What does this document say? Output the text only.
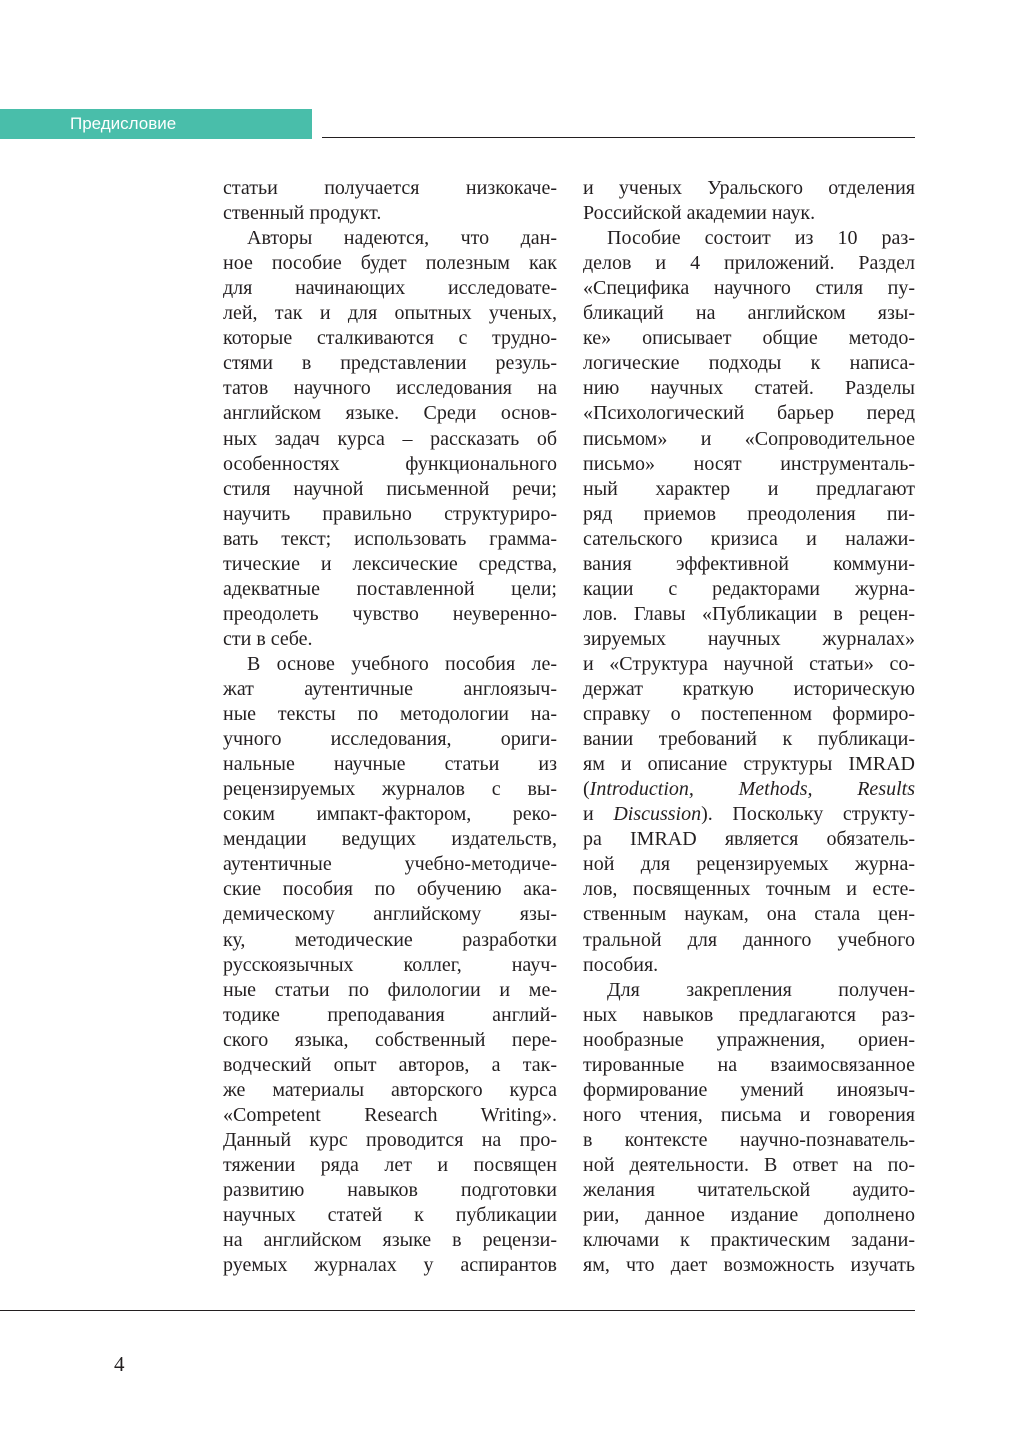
Предисловие
статьи получается низкокаче-
ственный продукт.
Авторы надеются, что дан-
ное пособие будет полезным как
для начинающих исследовате-
лей, так и для опытных ученых,
которые сталкиваются с трудно-
стями в представлении резуль-
татов научного исследования на
английском языке. Среди основ-
ных задач курса – рассказать об
особенностях функционального
стиля научной письменной речи;
научить правильно структуриро-
вать текст; использовать грамма-
тические и лексические средства,
адекватные поставленной цели;
преодолеть чувство неуверенно-
сти в себе.
В основе учебного пособия ле-
жат аутентичные англоязыч-
ные тексты по методологии на-
учного исследования, ориги-
нальные научные статьи из
рецензируемых журналов с вы-
соким импакт-фактором, реко-
мендации ведущих издательств,
аутентичные учебно-методиче-
ские пособия по обучению ака-
демическому английскому язы-
ку, методические разработки
русскоязычных коллег, науч-
ные статьи по филологии и ме-
тодике преподавания англий-
ского языка, собственный пере-
водческий опыт авторов, а так-
же материалы авторского курса
«Competent Research Writing».
Данный курс проводится на про-
тяжении ряда лет и посвящен
развитию навыков подготовки
научных статей к публикации
на английском языке в рецензи-
руемых журналах у аспирантов
и ученых Уральского отделения
Российской академии наук.
Пособие состоит из 10 раз-
делов и 4 приложений. Раздел
«Специфика научного стиля пу-
бликаций на английском язы-
ке» описывает общие методо-
логические подходы к написа-
нию научных статей. Разделы
«Психологический барьер перед
письмом» и «Сопроводительное
письмо» носят инструменталь-
ный характер и предлагают
ряд приемов преодоления пи-
сательского кризиса и налажи-
вания эффективной коммуни-
кации с редакторами журна-
лов. Главы «Публикации в рецен-
зируемых научных журналах»
и «Структура научной статьи» со-
держат краткую историческую
справку о постепенном формиро-
вании требований к публикаци-
ям и описание структуры IMRAD
(Introduction, Methods, Results
и Discussion). Поскольку структу-
ра IMRAD является обязатель-
ной для рецензируемых журна-
лов, посвященных точным и есте-
ственным наукам, она стала цен-
тральной для данного учебного
пособия.
Для закрепления получен-
ных навыков предлагаются раз-
нообразные упражнения, ориен-
тированные на взаимосвязанное
формирование умений иноязыч-
ного чтения, письма и говорения
в контексте научно-познаватель-
ной деятельности. В ответ на по-
желания читательской аудито-
рии, данное издание дополнено
ключами к практическим задани-
ям, что дает возможность изучать
4
